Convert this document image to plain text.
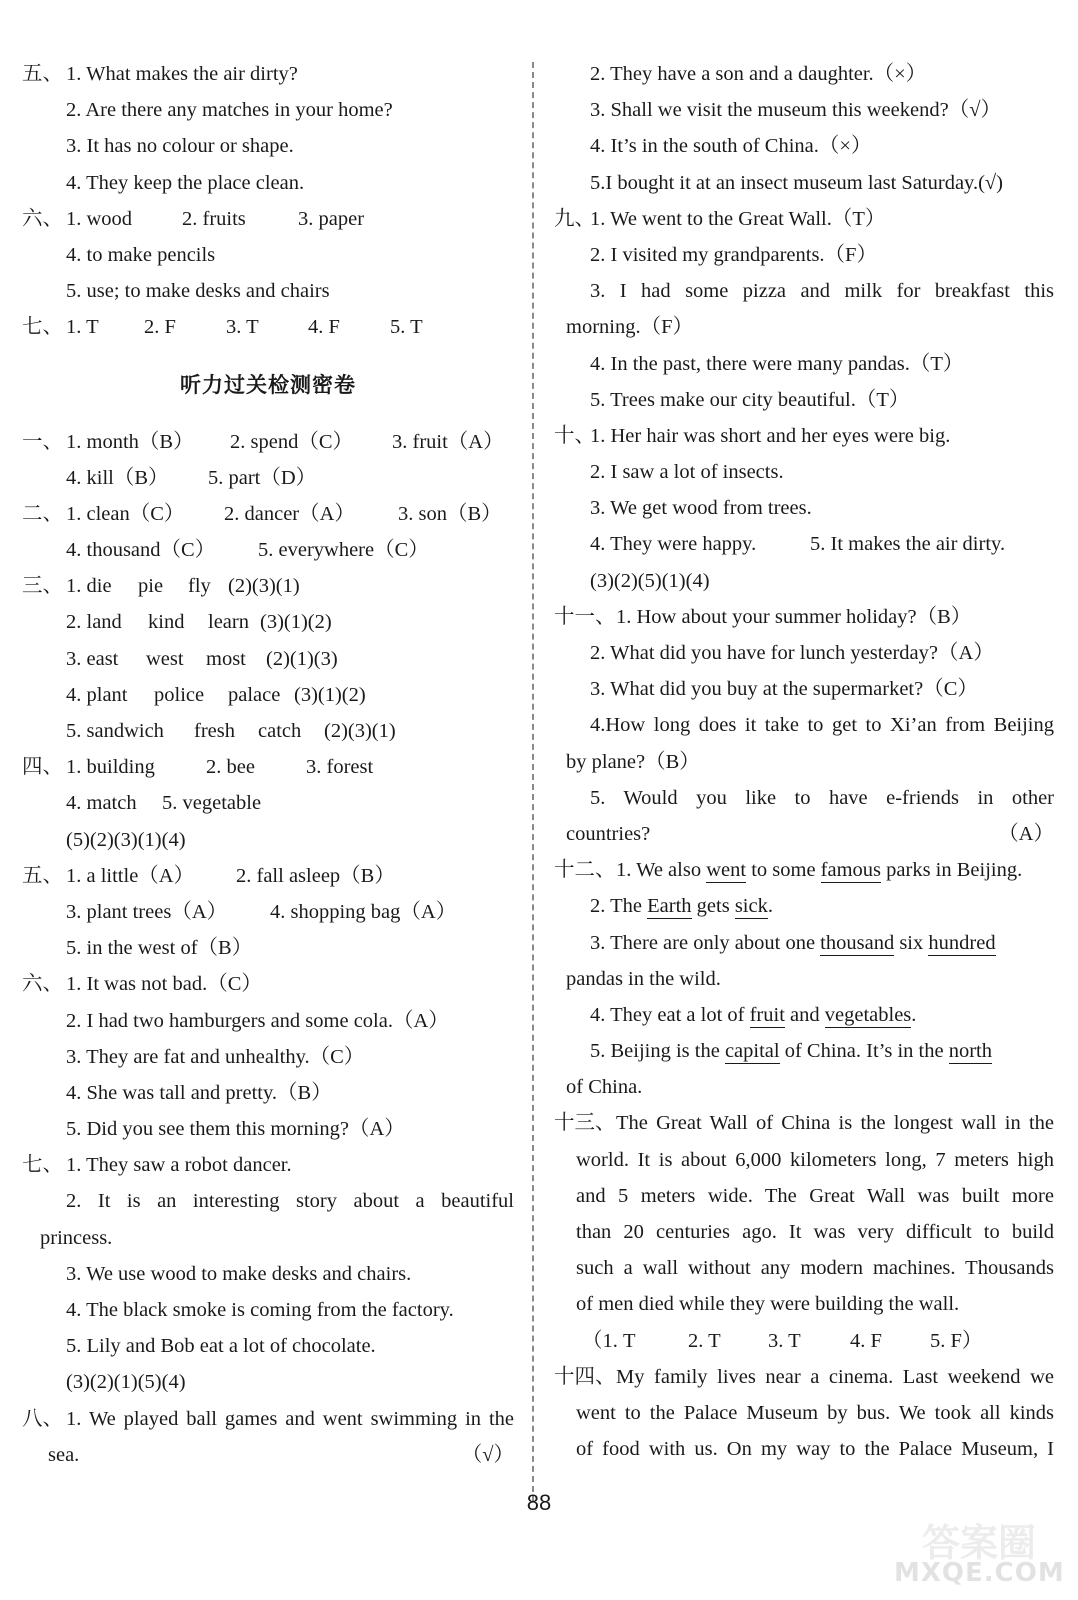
五、 1. What makes the air dirty?
2. Are there any matches in your home?
3. It has no colour or shape.
4. They keep the place clean.
六、 1. wood 2. fruits	3. paper
4. to make pencils
5. use; to make desks and chairs
七、 1. T 2. F 3. T 4. F 5. T
听力过关检测密卷
一、 1. month（B） 2. spend（C） 3. fruit（A）
4. kill（B） 5. part（D）
二、 1. clean（C） 2. dancer（A） 3. son（B）
4. thousand（C） 5. everywhere（C）
三、 1. die pie fly (2)(3)(1)
2. land kind learn (3)(1)(2)
3. east west most (2)(1)(3)
4. plant police palace (3)(1)(2)
5. sandwich fresh catch (2)(3)(1)
四、 1. building 2. bee 3. forest
4. match 5. vegetable
(5)(2)(3)(1)(4)
五、 1. a little（A） 2. fall asleep（B）
3. plant trees（A） 4. shopping bag（A）
5. in the west of（B）
六、 1. It was not bad.（C）
2. I had two hamburgers and some cola.（A）
3. They are fat and unhealthy.（C）
4. She was tall and pretty.（B）
5. Did you see them this morning?（A）
七、 1. They saw a robot dancer.
2. It is an interesting story about a beautiful
princess.
3. We use wood to make desks and chairs.
4. The black smoke is coming from the factory.
5. Lily and Bob eat a lot of chocolate.
(3)(2)(1)(5)(4)
八、 1. We played ball games and went swimming in the
sea.	（√）
2. They have a son and a daughter.（×）
3. Shall we visit the museum this weekend?（√）
4. It’s in the south of China.（×）
5.I bought it at an insect museum last Saturday.(√)
九、
1. We went to the Great Wall.（T）
2. I visited my grandparents.（F）
3. I had some pizza and milk for breakfast this
morning.（F）
4. In the past, there were many pandas.（T）
5. Trees make our city beautiful.（T）
十、
1. Her hair was short and her eyes were big.
2. I saw a lot of insects.
3. We get wood from trees.
4. They were happy.	5. It makes the air dirty.
(3)(2)(5)(1)(4)
十一、 1. How about your summer holiday?（B）
2. What did you have for lunch yesterday?（A）
3. What did you buy at the supermarket?（C）
4.How long does it take to get to Xi’an from Beijing
by plane?（B）
5. Would you like to have e-friends in other
countries?	（A）
十二、 1. We also went to some famous parks in Beijing.
2. The Earth gets sick.
3. There are only about one thousand six hundred
pandas in the wild.
4. They eat a lot of fruit and vegetables.
5. Beijing is the capital of China. It’s in the north
of China.
十三、 The Great Wall of China is the longest wall in the
world. It is about 6,000 kilometers long, 7 meters high
and 5 meters wide. The Great Wall was built more
than 20 centuries ago. It was very difficult to build
such a wall without any modern machines. Thousands
of men died while they were building the wall.
（1. T	2. T 3. T 4. F 5. F）
十四、 My family lives near a cinema. Last weekend we
went to the Palace Museum by bus. We took all kinds
of food with us. On my way to the Palace Museum, I
88
答案圈
MXQE.COM
